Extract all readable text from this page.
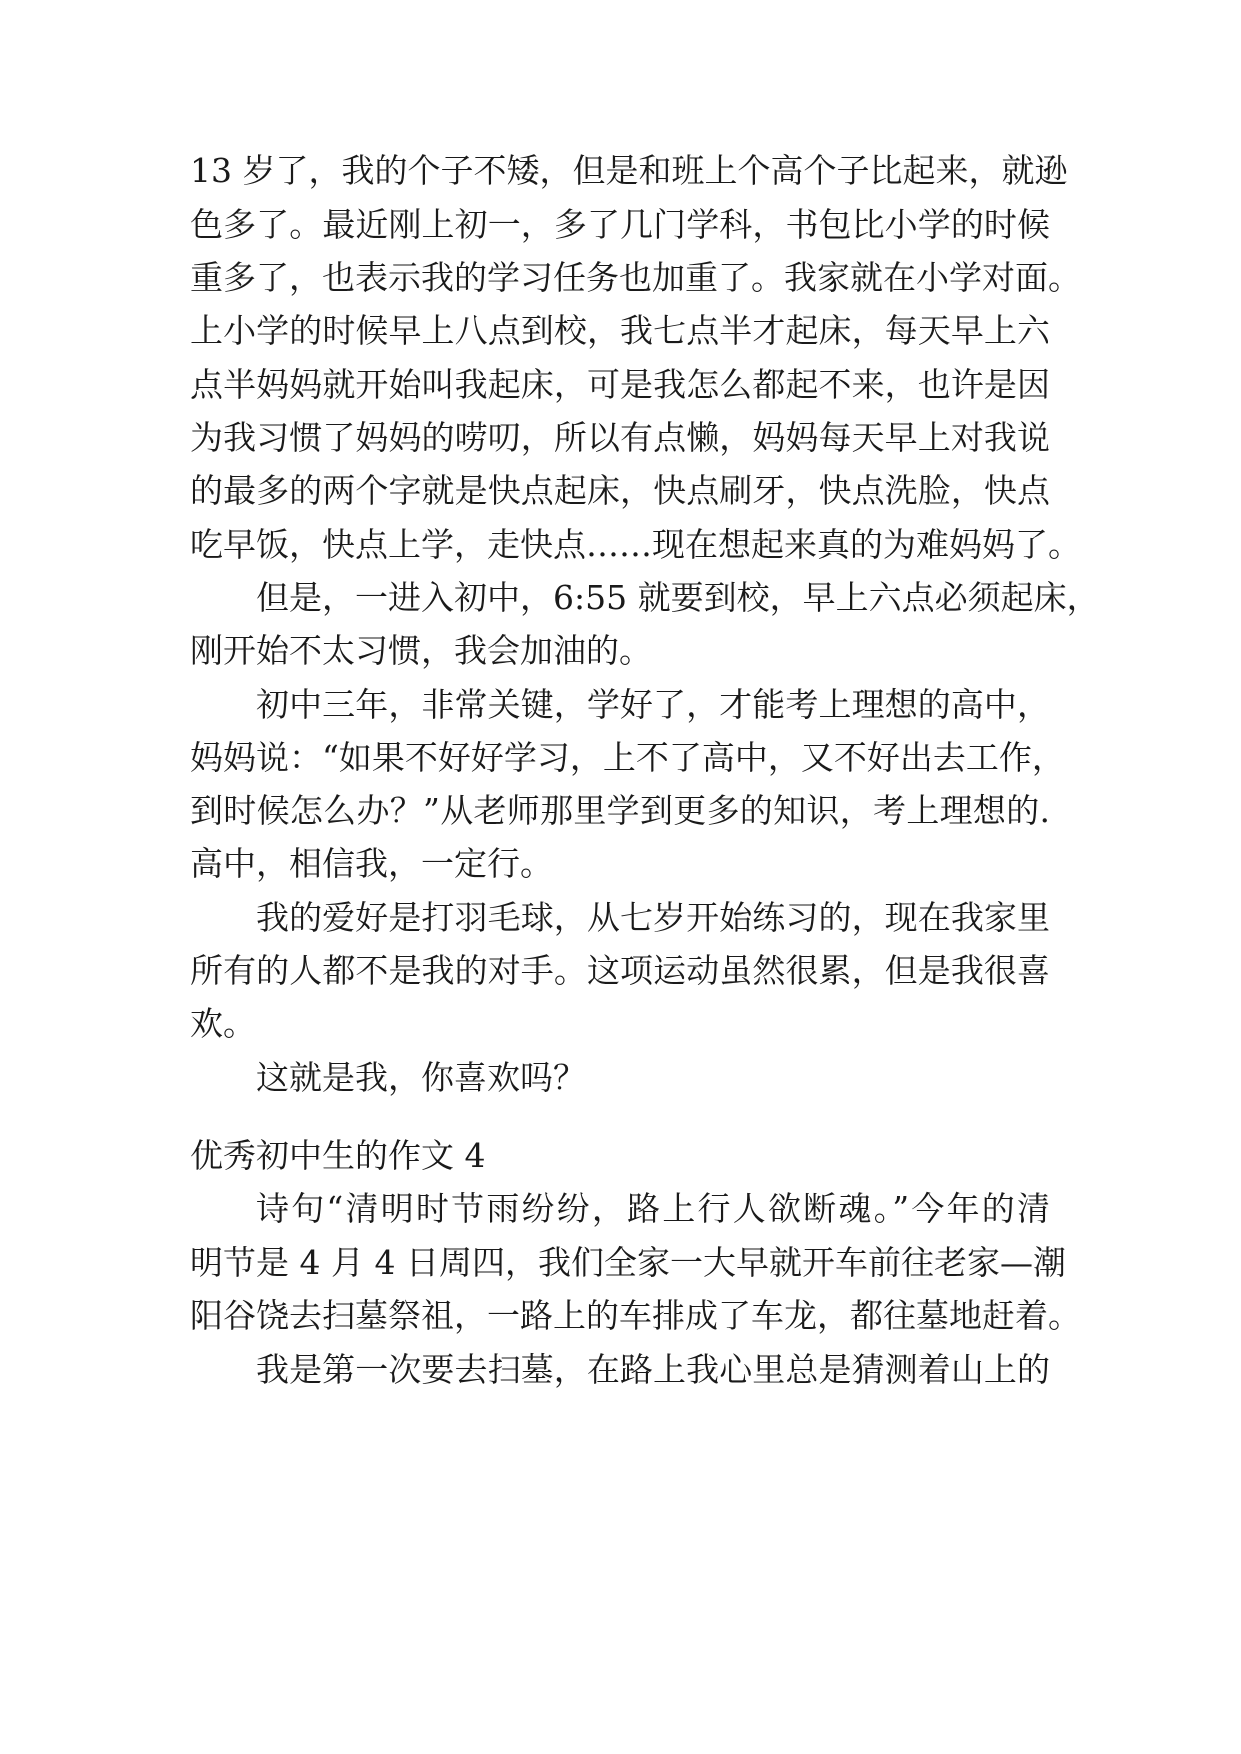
13 岁了，我的个子不矮，但是和班上个高个子比起来，就逊
色多了。最近刚上初一，多了几门学科，书包比小学的时候
重多了，也表示我的学习任务也加重了。我家就在小学对面。
上小学的时候早上八点到校，我七点半才起床，每天早上六
点半妈妈就开始叫我起床，可是我怎么都起不来，也许是因
为我习惯了妈妈的唠叨，所以有点懒，妈妈每天早上对我说
的最多的两个字就是快点起床，快点刷牙，快点洗脸，快点
吃早饭，快点上学，走快点……现在想起来真的为难妈妈了。
但是，一进入初中，6:55 就要到校，早上六点必须起床，
刚开始不太习惯，我会加油的。
初中三年，非常关键，学好了，才能考上理想的高中，
妈妈说：“如果不好好学习，上不了高中，又不好出去工作，
到时候怎么办？”从老师那里学到更多的知识，考上理想的.
高中，相信我，一定行。
我的爱好是打羽毛球，从七岁开始练习的，现在我家里
所有的人都不是我的对手。这项运动虽然很累，但是我很喜
欢。
这就是我，你喜欢吗？
优秀初中生的作文 4
诗句“清明时节雨纷纷，路上行人欲断魂。”今年的清
明节是 4 月 4 日周四，我们全家一大早就开车前往老家—潮
阳谷饶去扫墓祭祖，一路上的车排成了车龙，都往墓地赶着。
我是第一次要去扫墓，在路上我心里总是猜测着山上的
